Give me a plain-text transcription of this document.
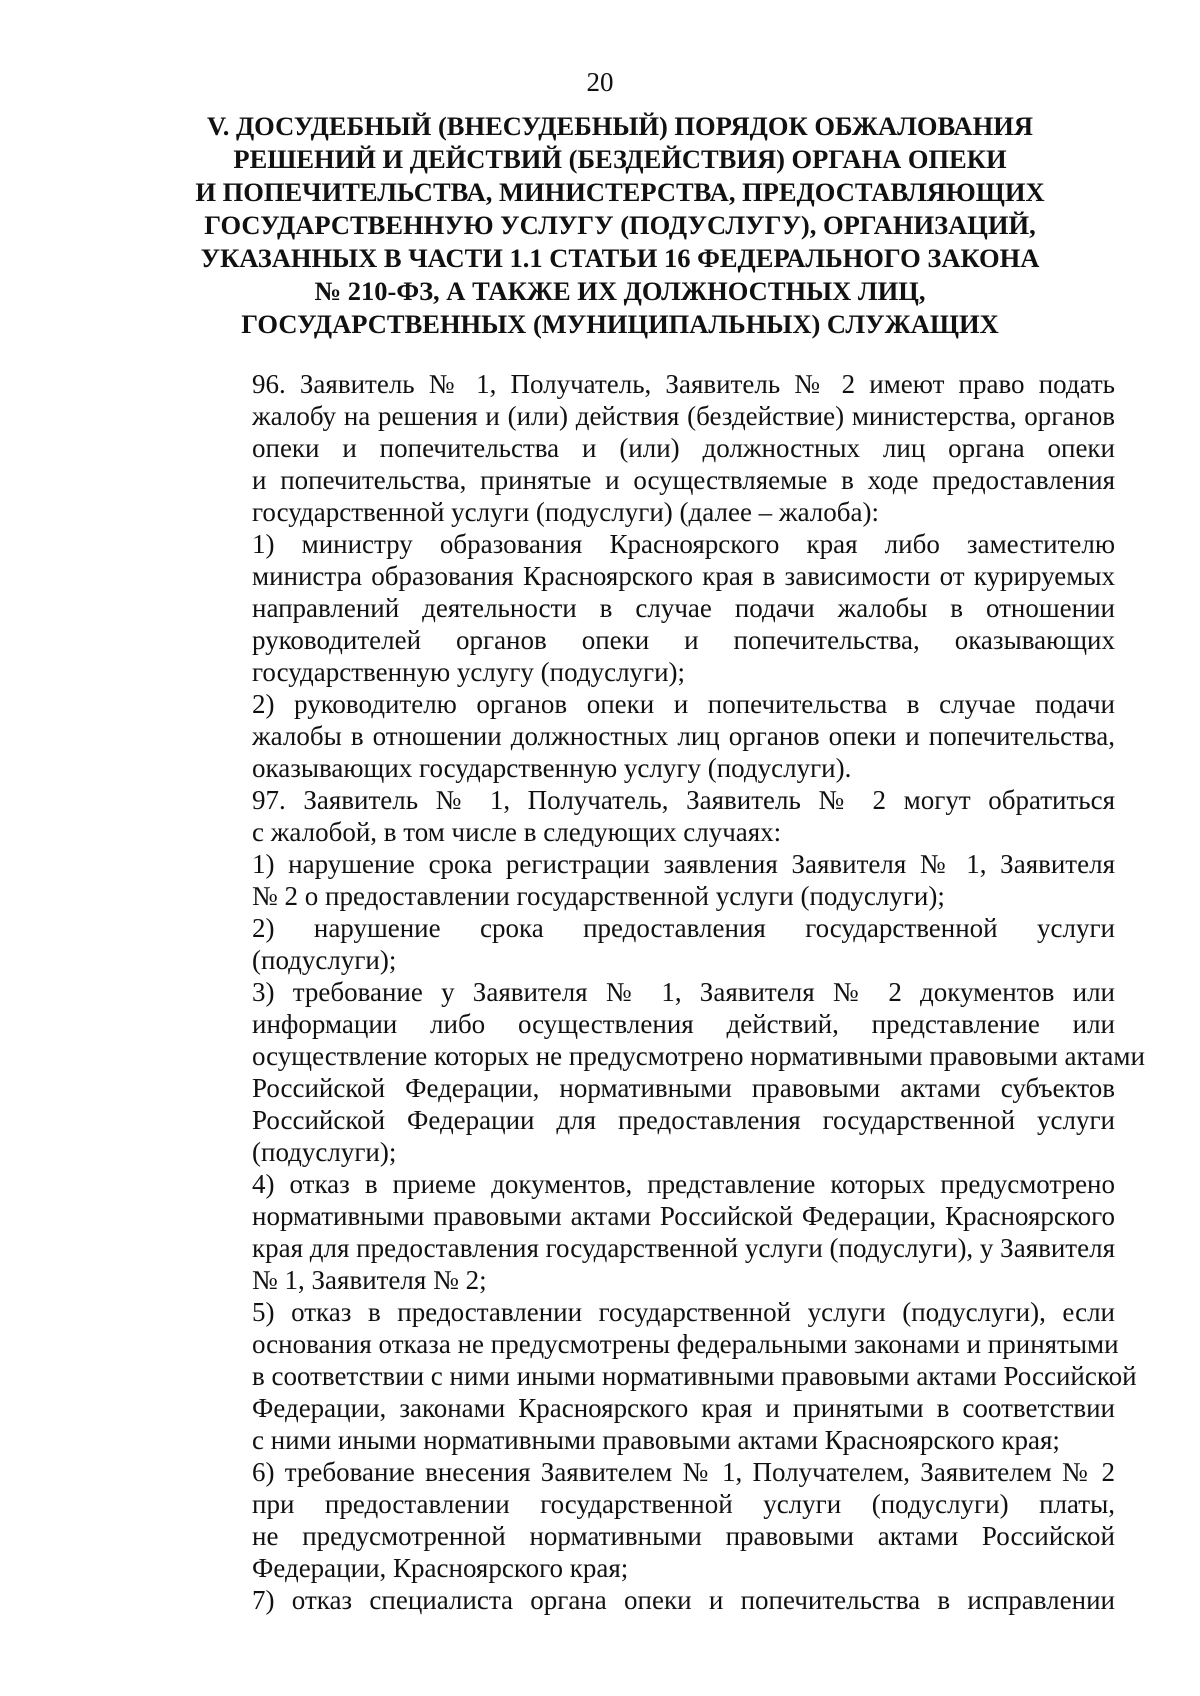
20
V. ДОСУДЕБНЫЙ (ВНЕСУДЕБНЫЙ) ПОРЯДОК ОБЖАЛОВАНИЯ
РЕШЕНИЙ И ДЕЙСТВИЙ (БЕЗДЕЙСТВИЯ) ОРГАНА ОПЕКИ
И ПОПЕЧИТЕЛЬСТВА, МИНИСТЕРСТВА, ПРЕДОСТАВЛЯЮЩИХ
ГОСУДАРСТВЕННУЮ УСЛУГУ (ПОДУСЛУГУ), ОРГАНИЗАЦИЙ,
УКАЗАННЫХ В ЧАСТИ 1.1 СТАТЬИ 16 ФЕДЕРАЛЬНОГО ЗАКОНА
№ 210-ФЗ, А ТАКЖЕ ИХ ДОЛЖНОСТНЫХ ЛИЦ,
ГОСУДАРСТВЕННЫХ (МУНИЦИПАЛЬНЫХ) СЛУЖАЩИХ
96. Заявитель № 1, Получатель, Заявитель № 2 имеют право подать
жалобу на решения и (или) действия (бездействие) министерства, органов
опеки и попечительства и (или) должностных лиц органа опеки
и попечительства, принятые и осуществляемые в ходе предоставления
государственной услуги (подуслуги) (далее – жалоба):
1) министру образования Красноярского края либо заместителю
министра образования Красноярского края в зависимости от курируемых
направлений деятельности в случае подачи жалобы в отношении
руководителей органов опеки и попечительства, оказывающих
государственную услугу (подуслуги);
2) руководителю органов опеки и попечительства в случае подачи
жалобы в отношении должностных лиц органов опеки и попечительства,
оказывающих государственную услугу (подуслуги).
97. Заявитель № 1, Получатель, Заявитель № 2 могут обратиться
с жалобой, в том числе в следующих случаях:
1) нарушение срока регистрации заявления Заявителя № 1, Заявителя
№ 2 о предоставлении государственной услуги (подуслуги);
2) нарушение срока предоставления государственной услуги
(подуслуги);
3) требование у Заявителя № 1, Заявителя № 2 документов или
информации либо осуществления действий, представление или
осуществление которых не предусмотрено нормативными правовыми актами
Российской Федерации, нормативными правовыми актами субъектов
Российской Федерации для предоставления государственной услуги
(подуслуги);
4) отказ в приеме документов, представление которых предусмотрено
нормативными правовыми актами Российской Федерации, Красноярского
края для предоставления государственной услуги (подуслуги), у Заявителя
№ 1, Заявителя № 2;
5) отказ в предоставлении государственной услуги (подуслуги), если
основания отказа не предусмотрены федеральными законами и принятыми
в соответствии с ними иными нормативными правовыми актами Российской
Федерации, законами Красноярского края и принятыми в соответствии
с ними иными нормативными правовыми актами Красноярского края;
6) требование внесения Заявителем № 1, Получателем, Заявителем № 2
при предоставлении государственной услуги (подуслуги) платы,
не предусмотренной нормативными правовыми актами Российской
Федерации, Красноярского края;
7) отказ специалиста органа опеки и попечительства в исправлении
